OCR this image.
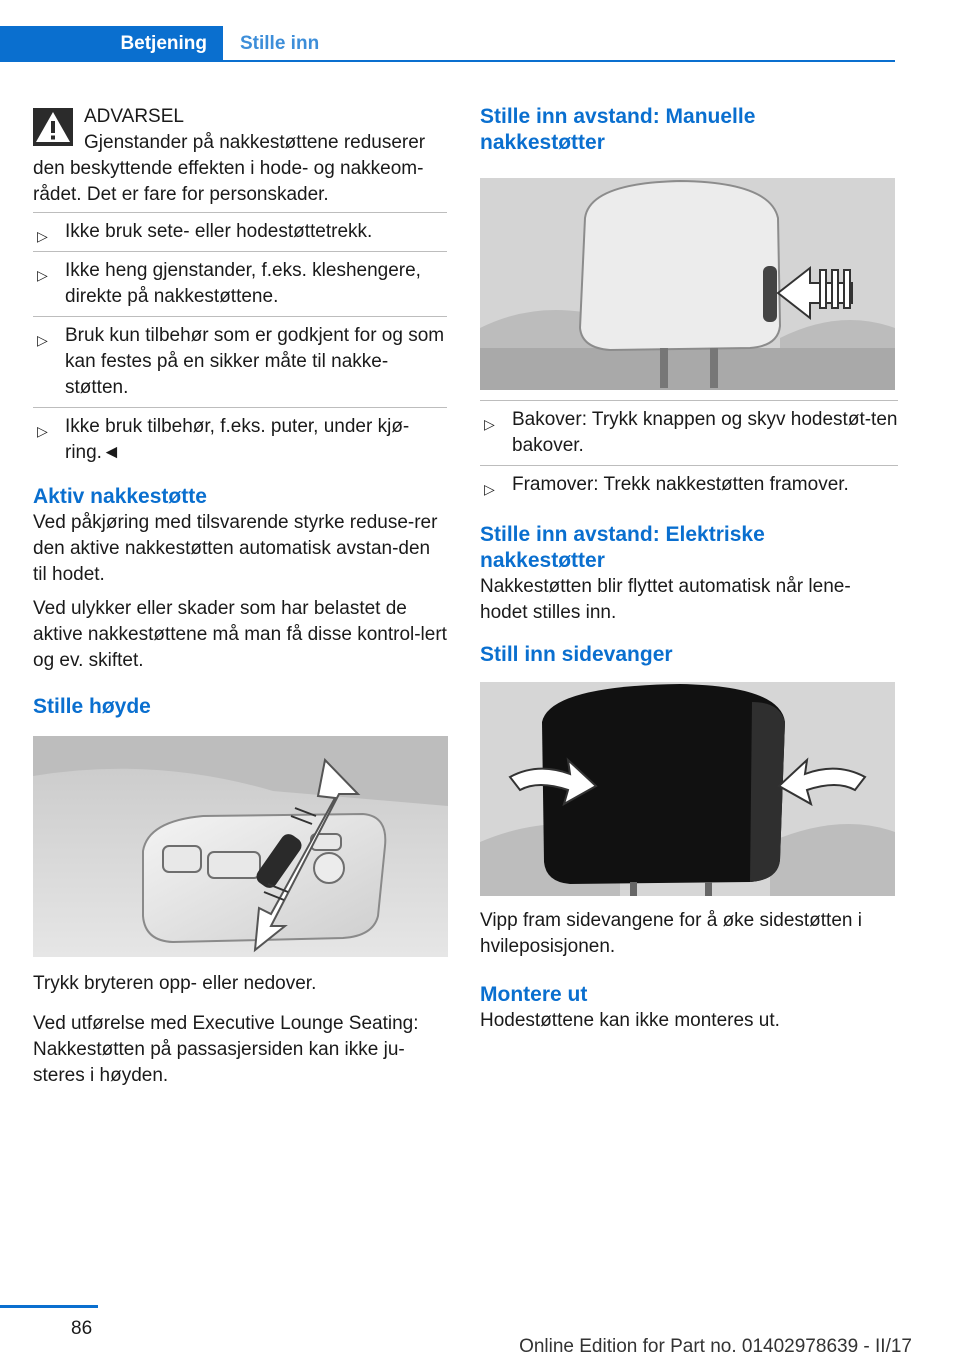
Betjening	Stille inn

ADVARSEL

Gjenstander på nakkestøttene reduserer

den beskyttende effekten i hode- og nakkeom-rådet. Det er fare for personskader.

▷ Ikke bruk sete- eller hodestøttetrekk.
▷ Ikke heng gjenstander, f.eks. kleshengere, direkte på nakkestøttene.
▷ Bruk kun tilbehør som er godkjent for og som kan festes på en sikker måte til nakke-støtten.
▷ Ikke bruk tilbehør, f.eks. puter, under kjø-ring.◄
Aktiv nakkestøtte

Ved påkjøring med tilsvarende styrke reduse-rer den aktive nakkestøtten automatisk avstan-den til hodet.

Ved ulykker eller skader som har belastet de aktive nakkestøttene må man få disse kontrol-lert og ev. skiftet.

Stille høyde

Trykk bryteren opp- eller nedover.

Ved utførelse med Executive Lounge Seating: Nakkestøtten på passasjersiden kan ikke ju-steres i høyden.

Stille inn avstand: Manuelle nakkestøtter
▷ Bakover: Trykk knappen og skyv hodestøt-ten bakover.
▷ Framover: Trekk nakkestøtten framover.
Stille inn avstand: Elektriske nakkestøtter

Nakkestøtten blir flyttet automatisk når lene-hodet stilles inn.

Still inn sidevanger

Vipp fram sidevangene for å øke sidestøtten i hvileposisjonen.

Montere ut

Hodestøttene kan ikke monteres ut.

86
Online Edition for Part no. 01402978639 - II/17
